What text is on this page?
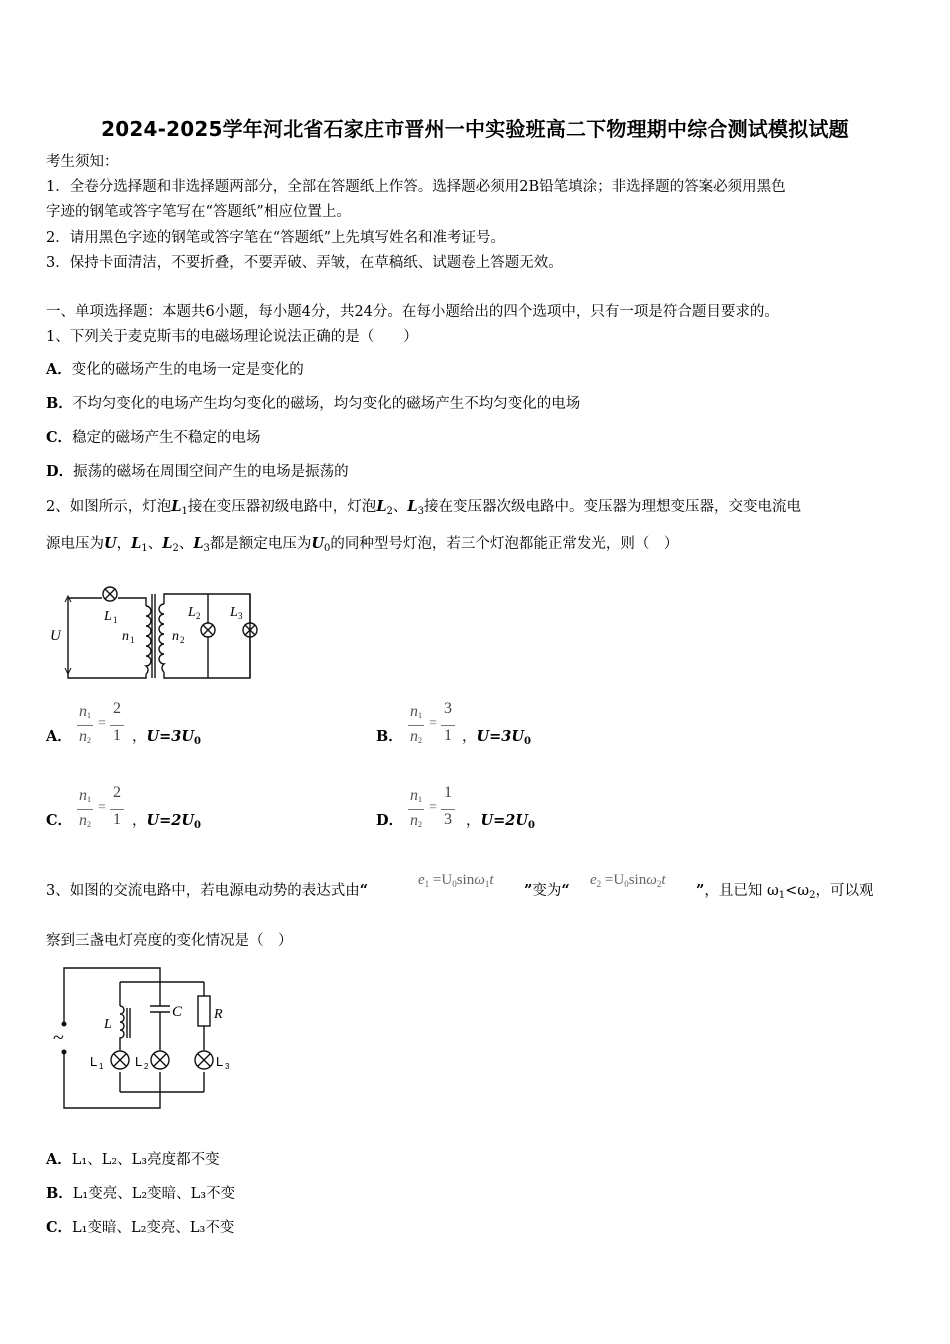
2024-2025学年河北省石家庄市晋州一中实验班高二下物理期中综合测试模拟试题
考生须知：
1．全卷分选择题和非选择题两部分，全部在答题纸上作答。选择题必须用2B铅笔填涂；非选择题的答案必须用黑色
字迹的钢笔或答字笔写在“答题纸”相应位置上。
2．请用黑色字迹的钢笔或答字笔在“答题纸”上先填写姓名和准考证号。
3．保持卡面清洁，不要折叠，不要弄破、弄皱，在草稿纸、试题卷上答题无效。
一、单项选择题：本题共6小题，每小题4分，共24分。在每小题给出的四个选项中，只有一项是符合题目要求的。
1、下列关于麦克斯韦的电磁场理论说法正确的是（　　）
A．变化的磁场产生的电场一定是变化的
B．不均匀变化的电场产生均匀变化的磁场，均匀变化的磁场产生不均匀变化的电场
C．稳定的磁场产生不稳定的电场
D．振荡的磁场在周围空间产生的电场是振荡的
2、如图所示，灯泡$L_1$接在变压器初级电路中，灯泡$L_2$、$L_3$接在变压器次级电路中。变压器为理想变压器，交变电流电
源电压为U，$L_1$、$L_2$、$L_3$都是额定电压为$U_0$的同种型号灯泡，若三个灯泡都能正常发光，则（　）
U
L 1
n 1	n 2
L 2 L 3
A．
n 1
n 2
=
2
1 ，$U=3U_0$	B．
n 1
n 2
=
3
1 ，$U=3U_0$
C．
n 1
n 2
=
2
1 ，$U=2U_0$	D．
n 1
n 2
=
1
3 ，$U=2U_0$
3、如图的交流电路中，若电源电动势的表达式由“
$e_1 =U_0\sin\omega_1t$
”变为“
$e_2 =U_0\sin\omega_2t$
”，且已知 $\omega_1<\omega_2$，可以观
察到三盏电灯亮度的变化情况是（　）
~
L
C R
L 1 L 2	L 3
A．L₁、L₂、L₃亮度都不变
B．L₁变亮、L₂变暗、L₃不变
C．L₁变暗、L₂变亮、L₃不变
